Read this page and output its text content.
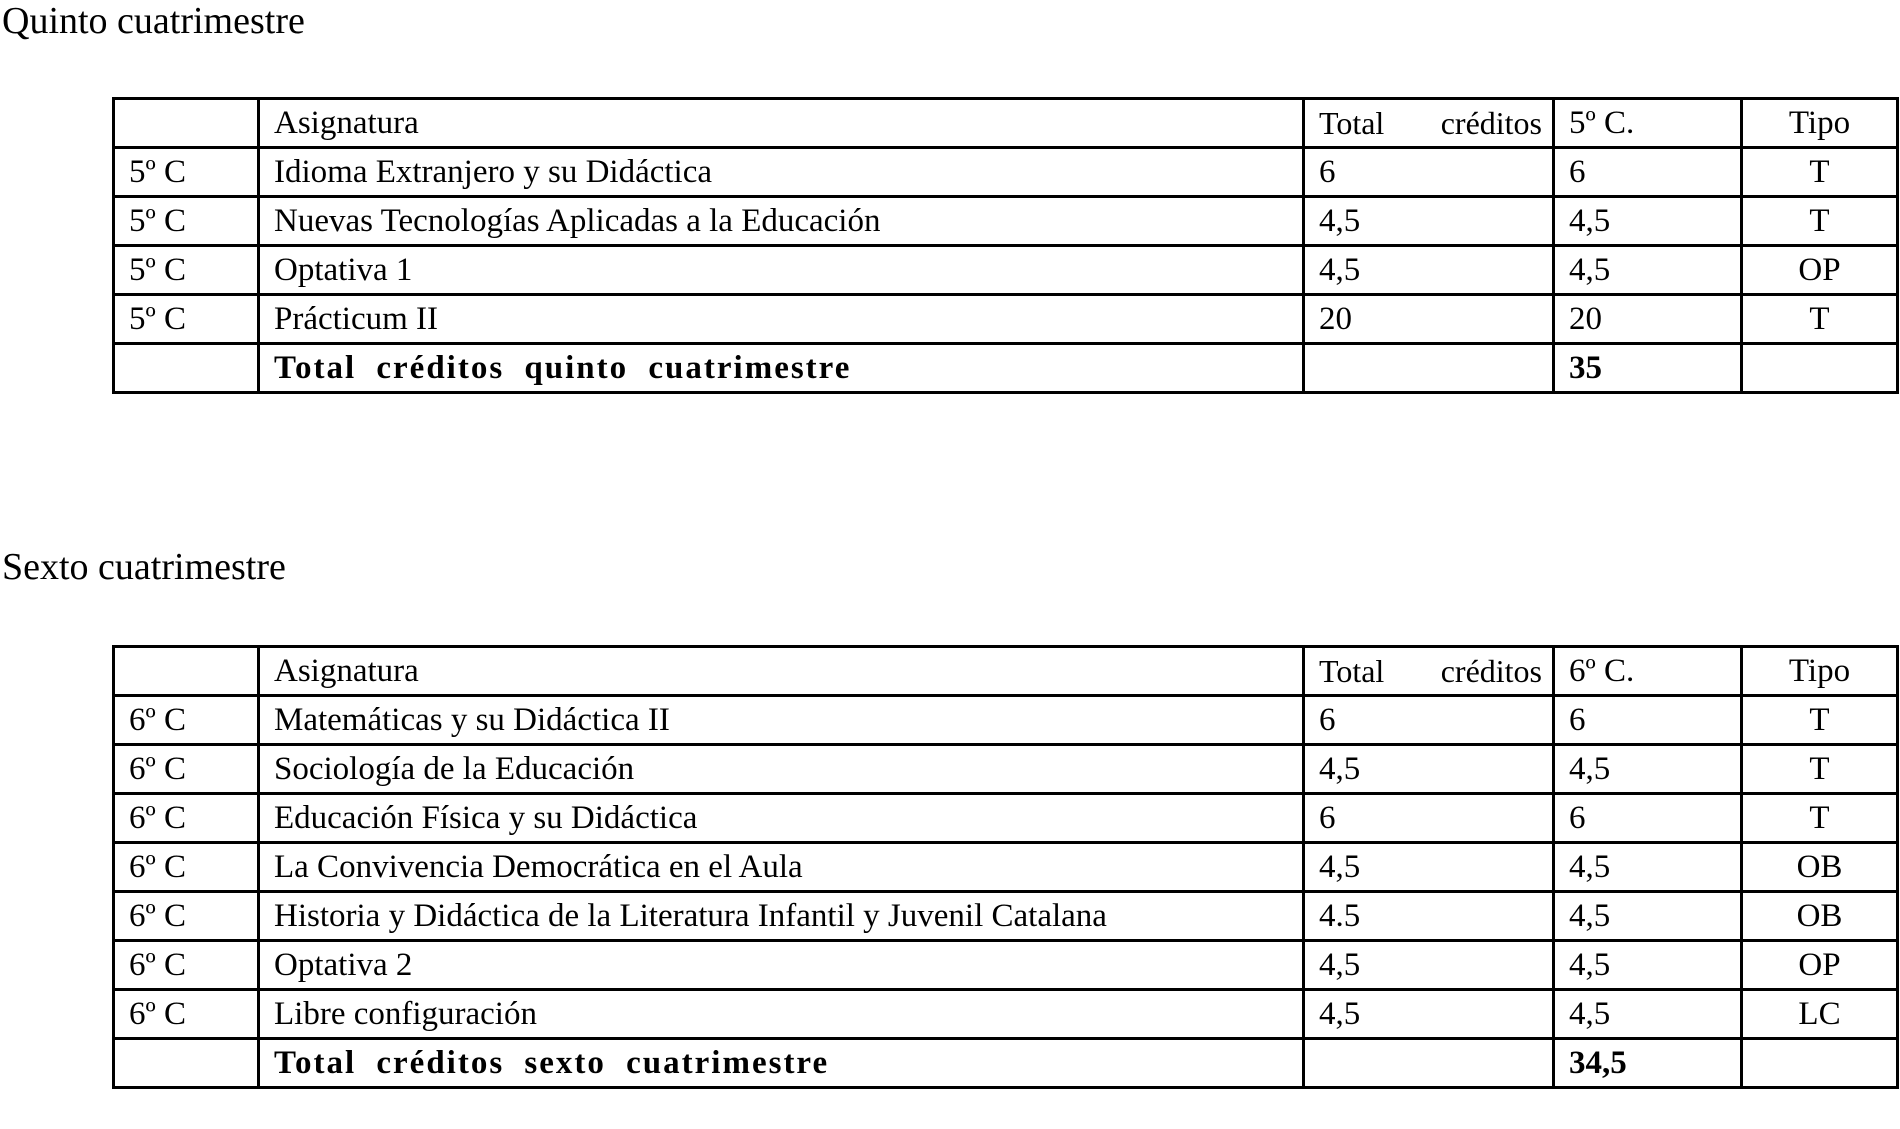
Quinto cuatrimestre
	Asignatura	Total créditos	5º C.	Tipo
5º C	Idioma Extranjero y su Didáctica	6	6	T
5º C	Nuevas Tecnologías Aplicadas a la Educación	4,5	4,5	T
5º C	Optativa 1	4,5	4,5	OP
5º C	Prácticum II	20	20	T
	Total créditos quinto cuatrimestre		35	
Sexto cuatrimestre
	Asignatura	Total créditos	6º C.	Tipo
6º C	Matemáticas y su Didáctica II	6	6	T
6º C	Sociología de la Educación	4,5	4,5	T
6º C	Educación Física y su Didáctica	6	6	T
6º C	La Convivencia Democrática en el Aula	4,5	4,5	OB
6º C	Historia y Didáctica de la Literatura Infantil y Juvenil Catalana	4.5	4,5	OB
6º C	Optativa 2	4,5	4,5	OP
6º C	Libre configuración	4,5	4,5	LC
	Total créditos sexto cuatrimestre		34,5	
